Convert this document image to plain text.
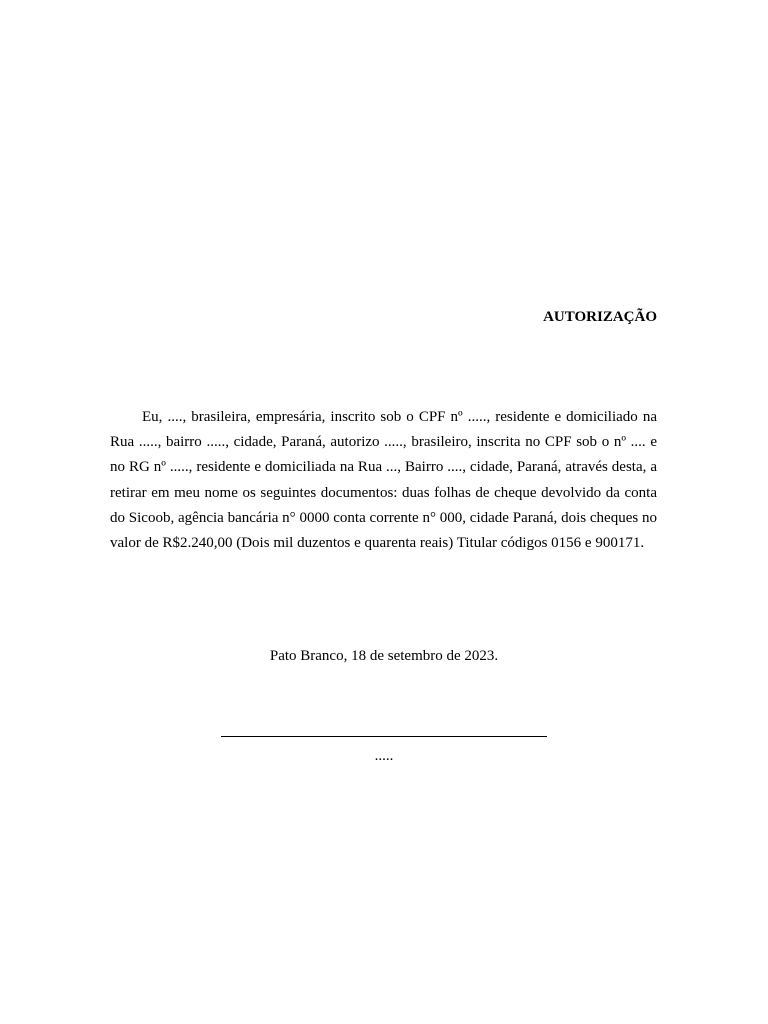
AUTORIZAÇÃO

Eu, ...., brasileira, empresária, inscrito sob o CPF nº ....., residente e domiciliado na Rua ....., bairro ....., cidade, Paraná, autorizo ....., brasileiro, inscrita no CPF sob o nº .... e no RG nº ....., residente e domiciliada na Rua ..., Bairro ...., cidade, Paraná, através desta, a retirar em meu nome os seguintes documentos: duas folhas de cheque devolvido da conta do Sicoob, agência bancária n° 0000 conta corrente n° 000, cidade Paraná, dois cheques no valor de R$2.240,00 (Dois mil duzentos e quarenta reais) Titular códigos 0156 e 900171.

Pato Branco, 18 de setembro de 2023.

.....
